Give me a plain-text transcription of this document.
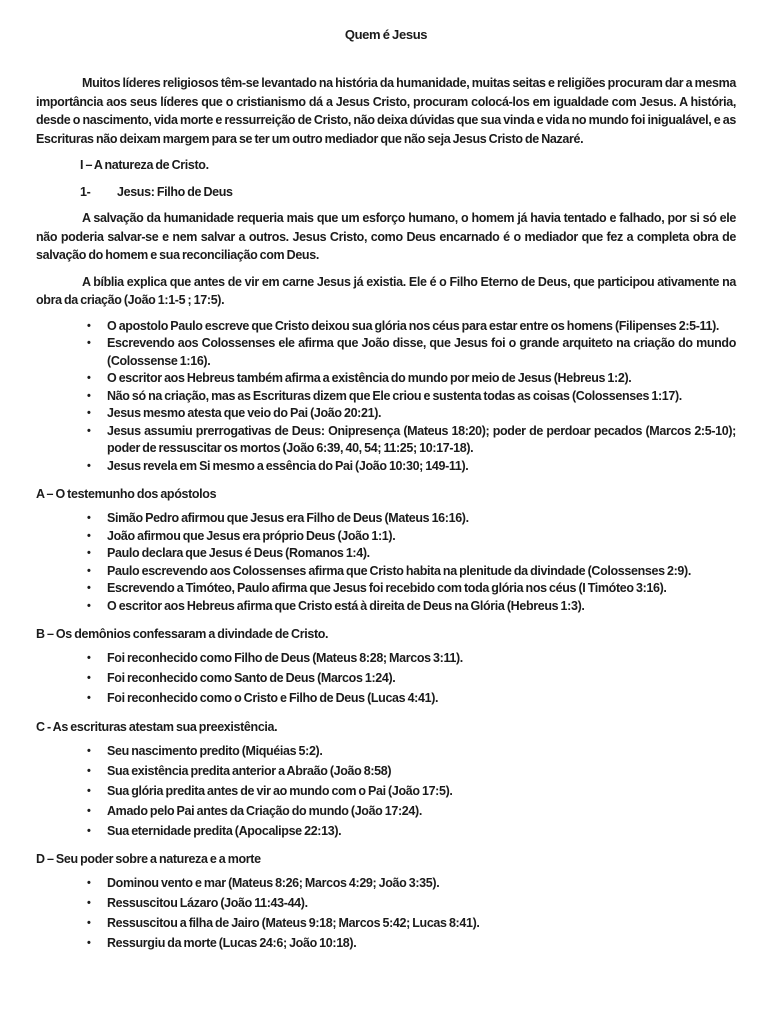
Quem é Jesus

Muitos líderes religiosos têm-se levantado na história da humanidade, muitas seitas e religiões procuram dar a mesma importância aos seus líderes que o cristianismo dá a Jesus Cristo, procuram colocá-los em igualdade com Jesus. A história, desde o nascimento, vida morte e ressurreição de Cristo, não deixa dúvidas que sua vinda e vida no mundo foi inigualável, e as Escrituras não deixam margem para se ter um outro mediador que não seja Jesus Cristo de Nazaré.

I – A natureza de Cristo.

1-	Jesus: Filho de Deus

A salvação da humanidade requeria mais que um esforço humano, o homem já havia tentado e falhado, por si só ele não poderia salvar-se e nem salvar a outros. Jesus Cristo, como Deus encarnado é o mediador que fez a completa obra de salvação do homem e sua reconciliação com Deus.

A bíblia explica que antes de vir em carne Jesus já existia. Ele é o Filho Eterno de Deus, que participou ativamente na obra da criação (João 1:1-5 ; 17:5).

•	O apostolo Paulo escreve que Cristo deixou sua glória nos céus para estar entre os homens (Filipenses 2:5-11).
•	Escrevendo aos Colossenses ele afirma que João disse, que Jesus foi o grande arquiteto na criação do mundo (Colossense 1:16).
•	O escritor aos Hebreus também afirma a existência do mundo por meio de Jesus (Hebreus 1:2).
•	Não só na criação, mas as Escrituras dizem que Ele criou e sustenta todas as coisas (Colossenses 1:17).
•	Jesus mesmo atesta que veio do Pai (João 20:21).
•	Jesus assumiu prerrogativas de Deus: Onipresença (Mateus 18:20); poder de perdoar pecados (Marcos 2:5-10); poder de ressuscitar os mortos (João 6:39, 40, 54; 11:25; 10:17-18).
•	Jesus revela em Si mesmo a essência do Pai (João 10:30; 149-11).

A – O testemunho dos apóstolos

•	Simão Pedro afirmou que Jesus era Filho de Deus (Mateus 16:16).
•	João afirmou que Jesus era próprio Deus (João 1:1).
•	Paulo declara que Jesus é Deus (Romanos 1:4).
•	Paulo escrevendo aos Colossenses afirma que Cristo habita na plenitude da divindade (Colossenses 2:9).
•	Escrevendo a Timóteo, Paulo afirma que Jesus foi recebido com toda glória nos céus (I Timóteo 3:16).
•	O escritor aos Hebreus afirma que Cristo está à direita de Deus na Glória (Hebreus 1:3).

B – Os demônios confessaram a divindade de Cristo.

•	Foi reconhecido como Filho de Deus (Mateus 8:28; Marcos 3:11).
•	Foi reconhecido como Santo de Deus (Marcos 1:24).
•	Foi reconhecido como o Cristo e Filho de Deus (Lucas 4:41).

C - As escrituras atestam sua preexistência.

•	Seu nascimento predito (Miquéias 5:2).
•	Sua existência predita anterior a Abraão (João 8:58)
•	Sua glória predita antes de vir ao mundo com o Pai (João 17:5).
•	Amado pelo Pai antes da Criação do mundo (João 17:24).
•	Sua eternidade predita (Apocalipse 22:13).

D – Seu poder sobre a natureza e a morte

•	Dominou vento e mar (Mateus 8:26; Marcos 4:29; João 3:35).
•	Ressuscitou Lázaro (João 11:43-44).
•	Ressuscitou a filha de Jairo (Mateus 9:18; Marcos 5:42; Lucas 8:41).
•	Ressurgiu da morte (Lucas 24:6; João 10:18).
